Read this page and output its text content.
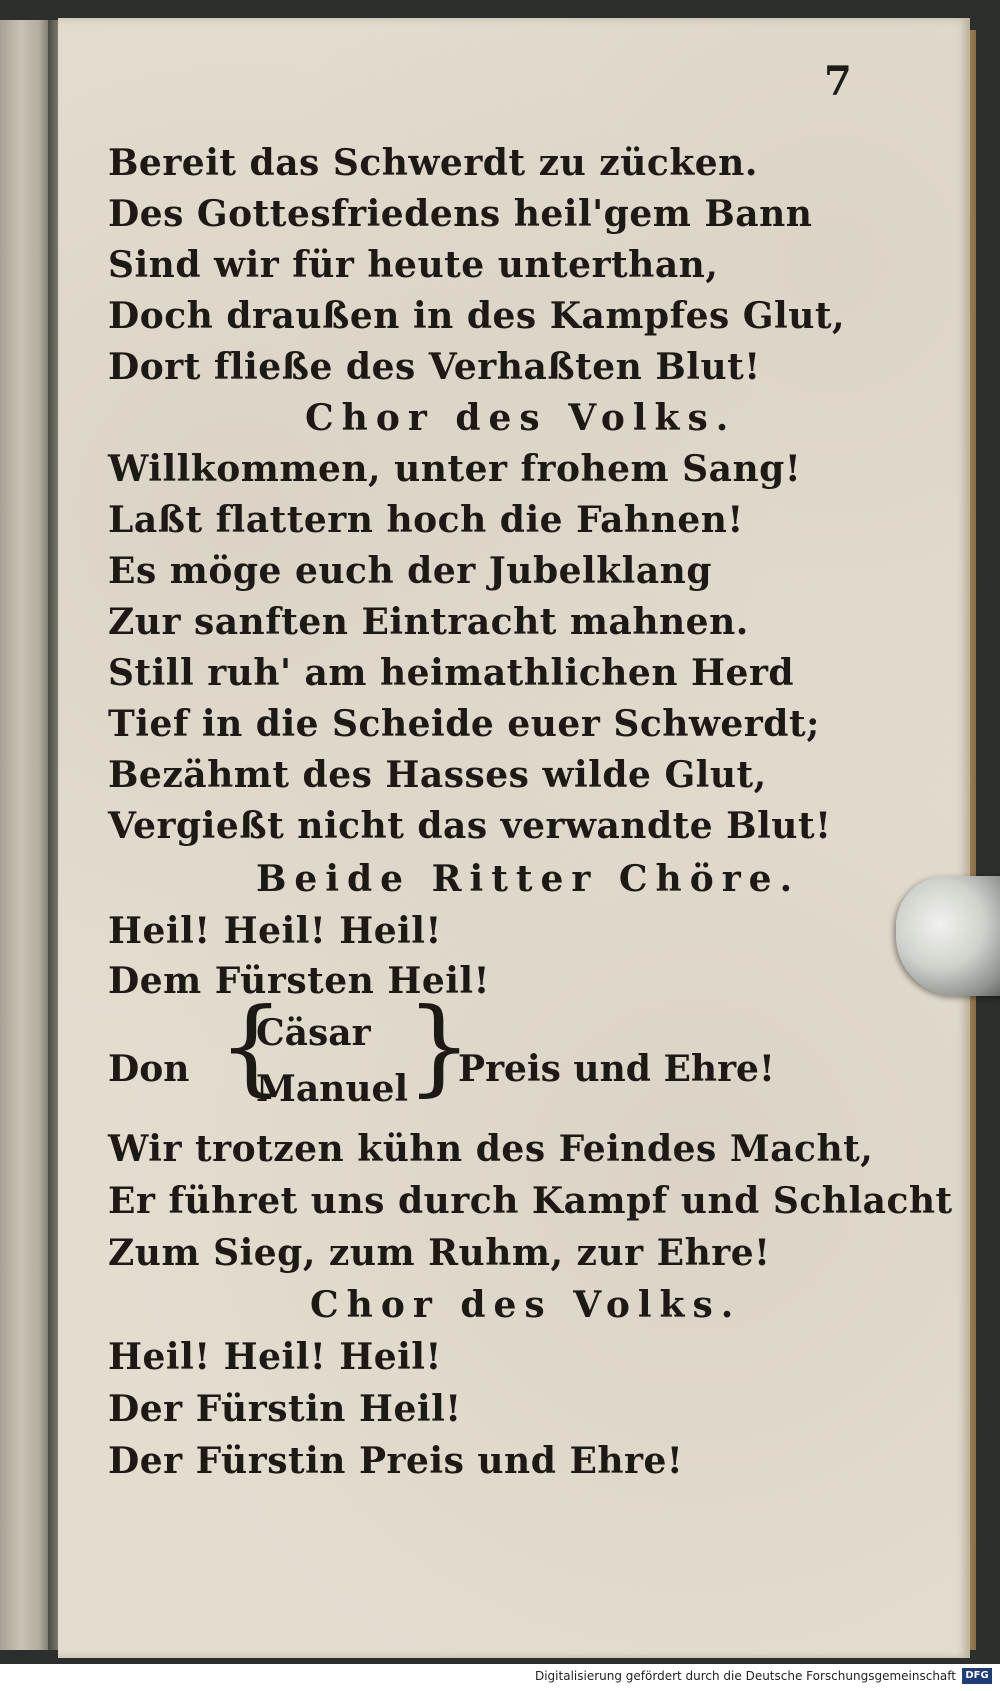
7
Bereit das Schwerdt zu zücken.
Des Gottesfriedens heil'gem Bann
Sind wir für heute unterthan,
Doch draußen in des Kampfes Glut,
Dort fließe des Verhaßten Blut!
Chor des Volks.
Willkommen, unter frohem Sang!
Laßt flattern hoch die Fahnen!
Es möge euch der Jubelklang
Zur sanften Eintracht mahnen.
Still ruh' am heimathlichen Herd
Tief in die Scheide euer Schwerdt;
Bezähmt des Hasses wilde Glut,
Vergießt nicht das verwandte Blut!
Beide Ritter Chöre.
Heil! Heil! Heil!
Dem Fürsten Heil!
Don {
Cäsar
Manuel
}
Preis und Ehre!
Wir trotzen kühn des Feindes Macht,
Er führet uns durch Kampf und Schlacht
Zum Sieg, zum Ruhm, zur Ehre!
Chor des Volks.
Heil! Heil! Heil!
Der Fürstin Heil!
Der Fürstin Preis und Ehre!
Digitalisierung gefördert durch die Deutsche Forschungsgemeinschaft DFG
